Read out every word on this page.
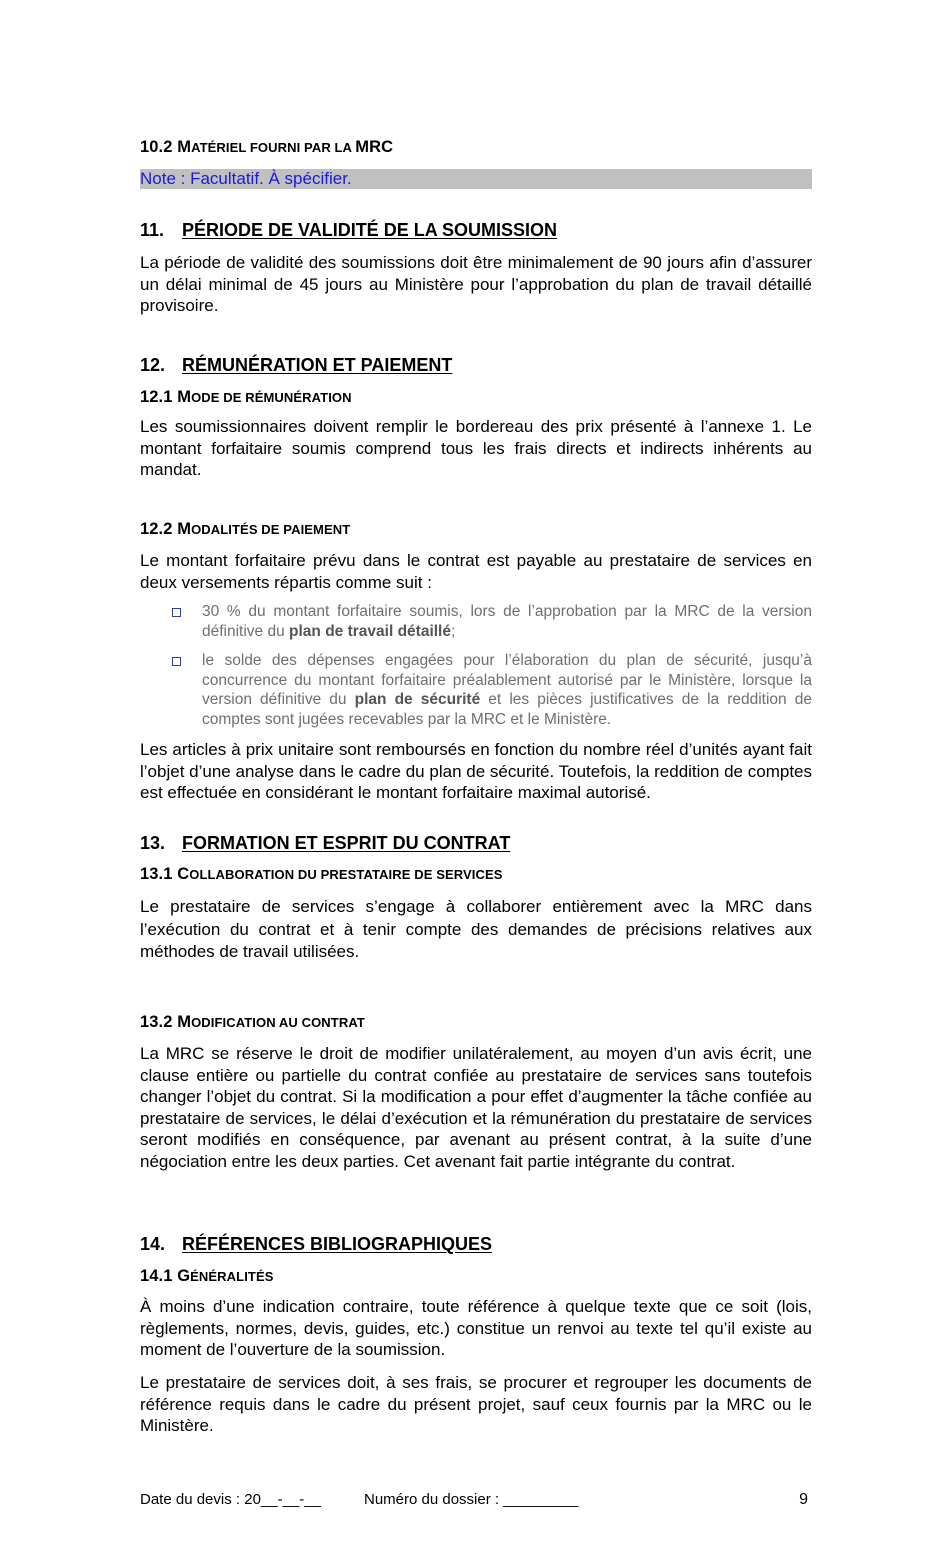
10.2 MATÉRIEL FOURNI PAR LA MRC
Note : Facultatif. À spécifier.
11. PÉRIODE DE VALIDITÉ DE LA SOUMISSION
La période de validité des soumissions doit être minimalement de 90 jours afin d’assurer un délai minimal de 45 jours au Ministère pour l’approbation du plan de travail détaillé provisoire.
12. RÉMUNÉRATION ET PAIEMENT
12.1 MODE DE RÉMUNÉRATION
Les soumissionnaires doivent remplir le bordereau des prix présenté à l’annexe 1. Le montant forfaitaire soumis comprend tous les frais directs et indirects inhérents au mandat.
12.2 MODALITÉS DE PAIEMENT
Le montant forfaitaire prévu dans le contrat est payable au prestataire de services en deux versements répartis comme suit :
30 % du montant forfaitaire soumis, lors de l’approbation par la MRC de la version définitive du plan de travail détaillé;
le solde des dépenses engagées pour l’élaboration du plan de sécurité, jusqu’à concurrence du montant forfaitaire préalablement autorisé par le Ministère, lorsque la version définitive du plan de sécurité et les pièces justificatives de la reddition de comptes sont jugées recevables par la MRC et le Ministère.
Les articles à prix unitaire sont remboursés en fonction du nombre réel d’unités ayant fait l’objet d’une analyse dans le cadre du plan de sécurité. Toutefois, la reddition de comptes est effectuée en considérant le montant forfaitaire maximal autorisé.
13. FORMATION ET ESPRIT DU CONTRAT
13.1 COLLABORATION DU PRESTATAIRE DE SERVICES
Le prestataire de services s’engage à collaborer entièrement avec la MRC dans l’exécution du contrat et à tenir compte des demandes de précisions relatives aux méthodes de travail utilisées.
13.2 MODIFICATION AU CONTRAT
La MRC se réserve le droit de modifier unilatéralement, au moyen d’un avis écrit, une clause entière ou partielle du contrat confiée au prestataire de services sans toutefois changer l’objet du contrat. Si la modification a pour effet d’augmenter la tâche confiée au prestataire de services, le délai d’exécution et la rémunération du prestataire de services seront modifiés en conséquence, par avenant au présent contrat, à la suite d’une négociation entre les deux parties. Cet avenant fait partie intégrante du contrat.
14. RÉFÉRENCES BIBLIOGRAPHIQUES
14.1 GÉNÉRALITÉS
À moins d’une indication contraire, toute référence à quelque texte que ce soit (lois, règlements, normes, devis, guides, etc.) constitue un renvoi au texte tel qu’il existe au moment de l’ouverture de la soumission.
Le prestataire de services doit, à ses frais, se procurer et regrouper les documents de référence requis dans le cadre du présent projet, sauf ceux fournis par la MRC ou le Ministère.
Date du devis : 20__-__-__	Numéro du dossier : _________	9
